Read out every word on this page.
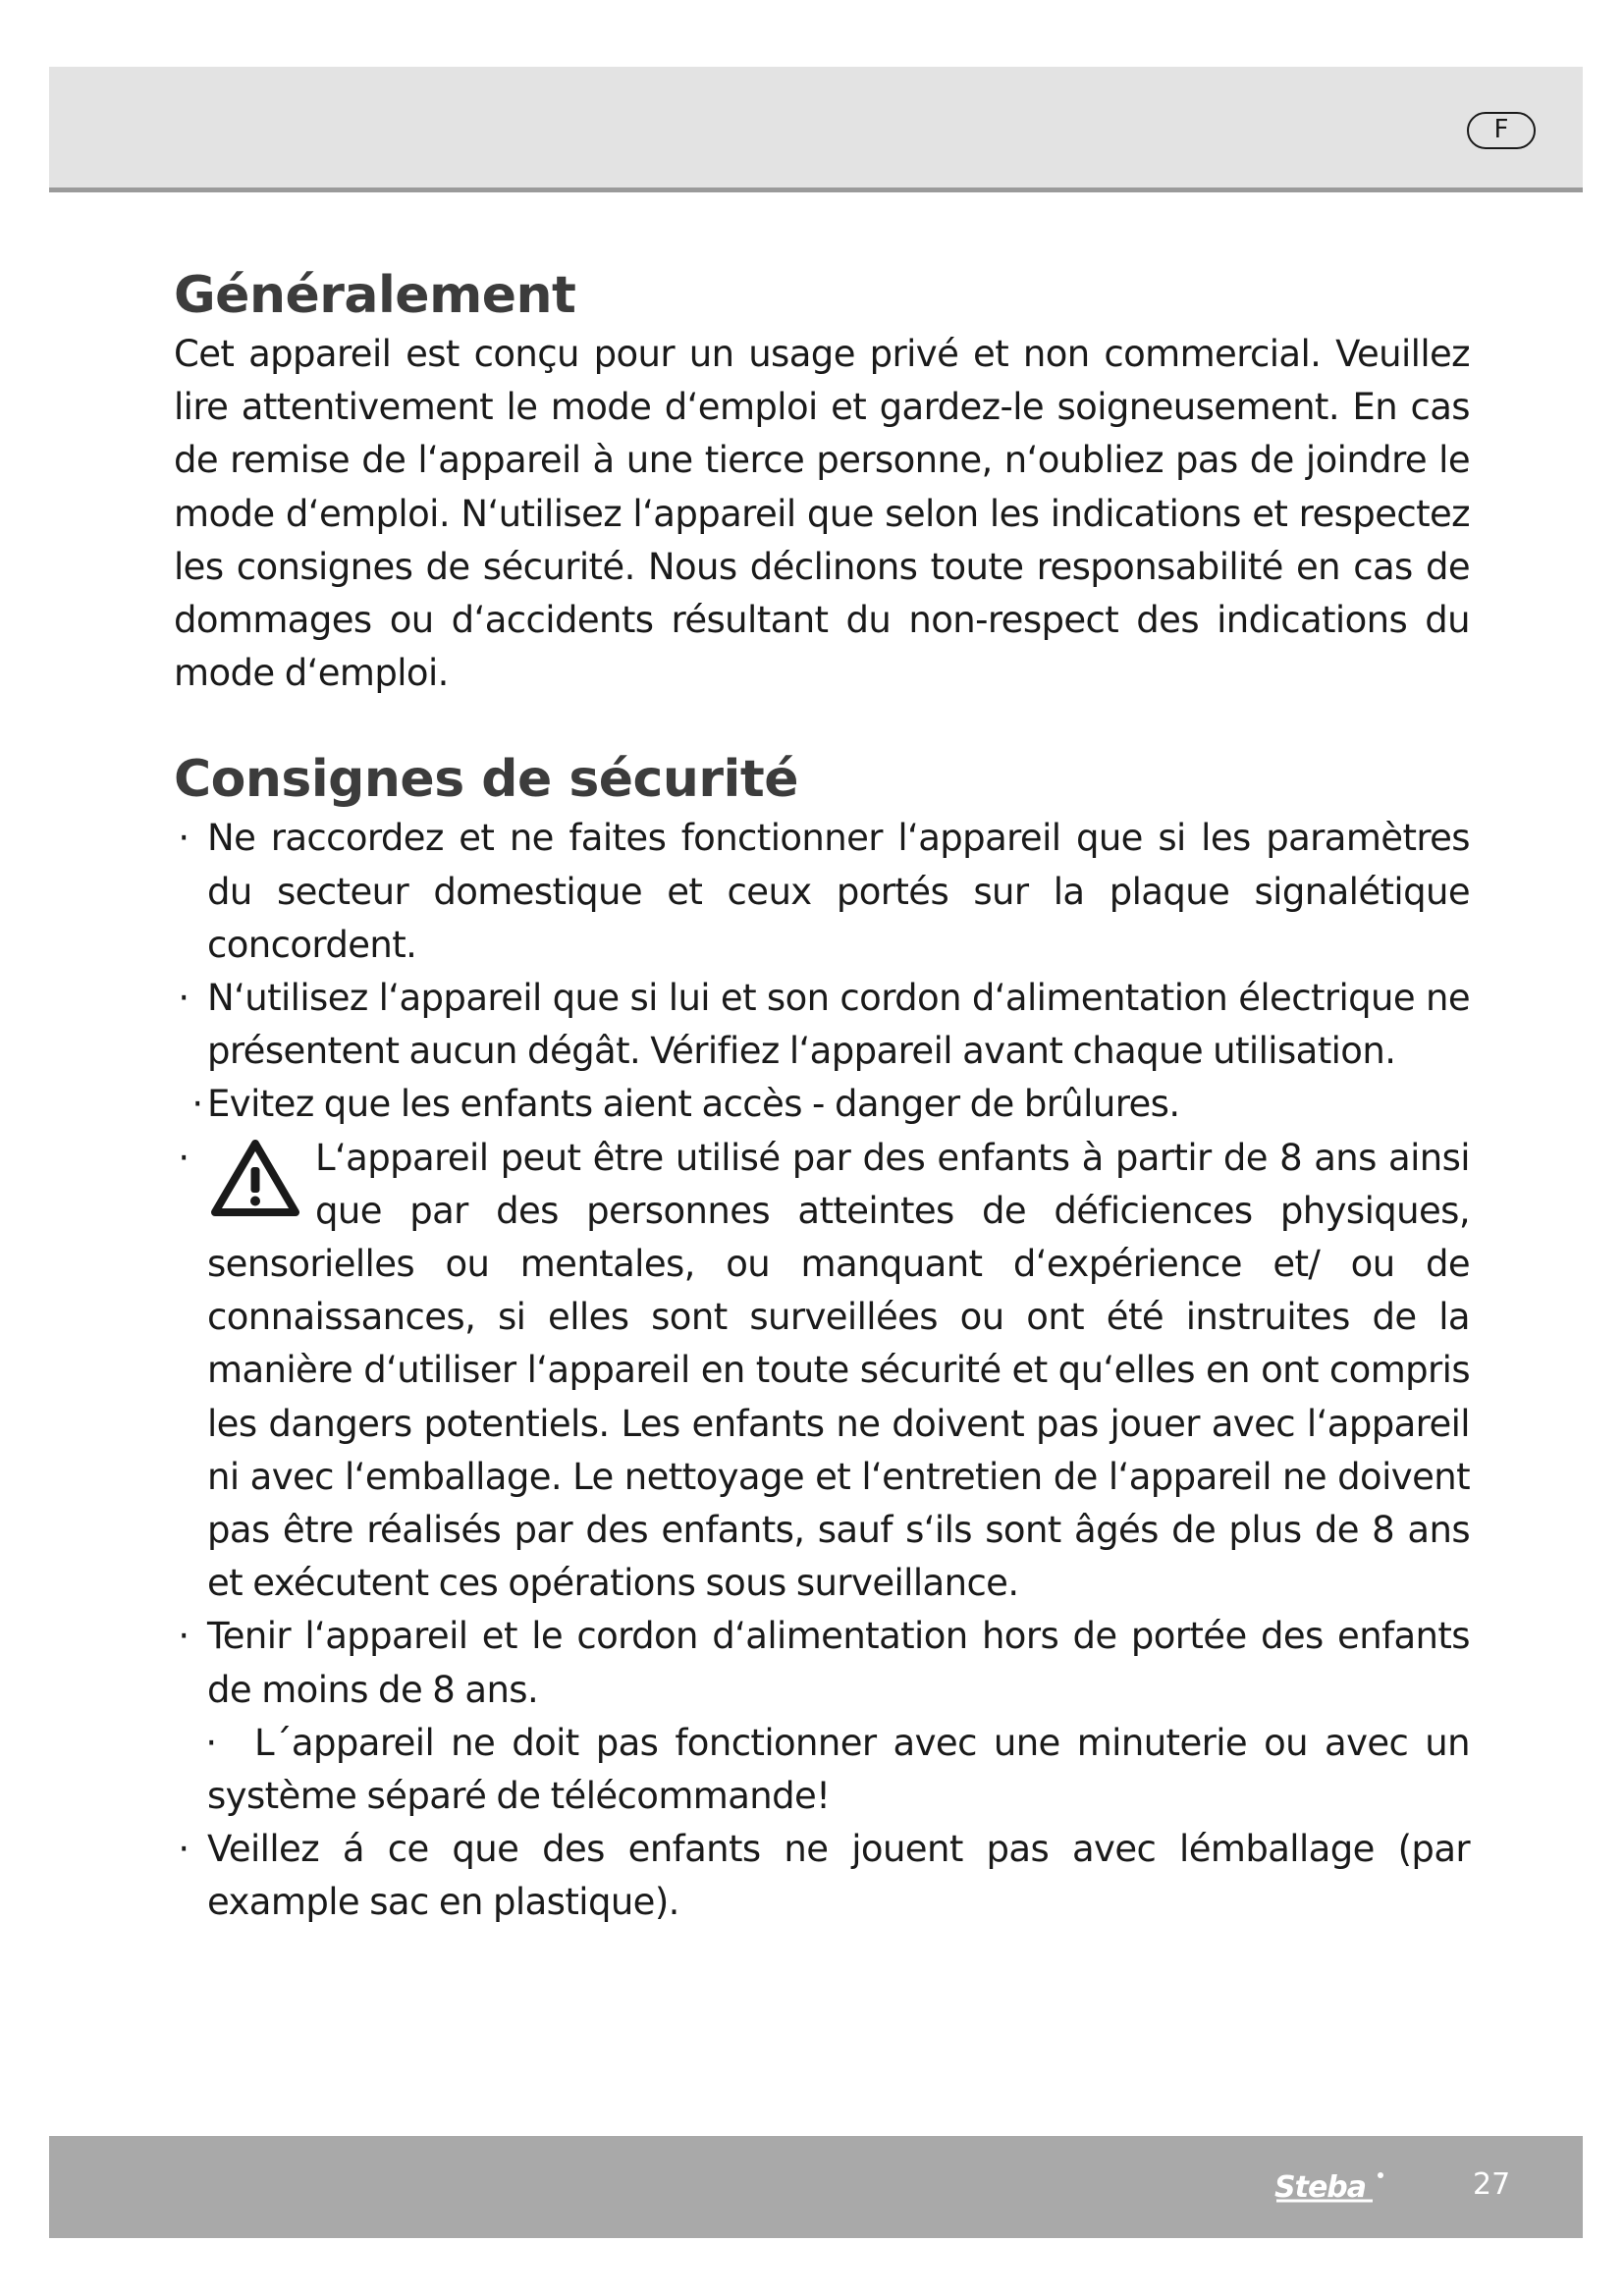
F
Généralement

Cet appareil est conçu pour un usage privé et non commercial. Veuillez lire attentivement le mode d‘emploi et gardez-le soigneusement. En cas de remise de l‘appareil à une tierce personne, n‘oubliez pas de joindre le mode d‘emploi. N‘utilisez l‘appareil que selon les indications et respectez les consignes de sécurité. Nous déclinons toute responsabilité en cas de dommages ou d‘accidents résultant du non-respect des indications du mode d‘emploi.

Consignes de sécurité
· Ne raccordez et ne faites fonctionner l‘appareil que si les paramètres du secteur domestique et ceux portés sur la plaque signalétique concordent.
· N‘utilisez l‘appareil que si lui et son cordon d‘alimentation électrique ne présentent aucun dégât. Vérifiez l‘appareil avant chaque utilisation.
· Evitez que les enfants aient accès - danger de brûlures.
·	L‘appareil peut être utilisé par des enfants à partir de 8 ans ainsi que par des personnes atteintes de déficiences physiques, sensorielles ou mentales, ou manquant d‘expérience et/ ou de connaissances, si elles sont surveillées ou ont été instruites de la manière d‘utiliser l‘appareil en toute sécurité et qu‘elles en ont compris les dangers potentiels. Les enfants ne doivent pas jouer avec l‘appareil ni avec l‘emballage. Le nettoyage et l‘entretien de l‘appareil ne doivent pas être réalisés par des enfants, sauf s‘ils sont âgés de plus de 8 ans et exécutent ces opérations sous surveillance.
· Tenir l‘appareil et le cordon d‘alimentation hors de portée des enfants de moins de 8 ans.
· L´appareil ne doit pas fonctionner avec une minuterie ou avec un système séparé de télécommande!
· Veillez á ce que des enfants ne jouent pas avec lémballage (par example sac en plastique).
Steba	27
